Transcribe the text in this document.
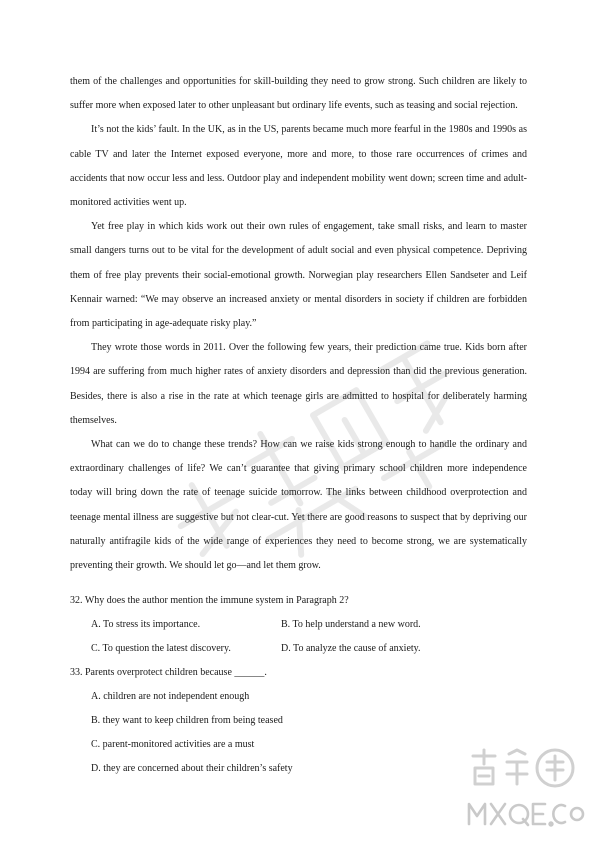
them of the challenges and opportunities for skill-building they need to grow strong. Such children are likely to suffer more when exposed later to other unpleasant but ordinary life events, such as teasing and social rejection.

It’s not the kids’ fault. In the UK, as in the US, parents became much more fearful in the 1980s and 1990s as cable TV and later the Internet exposed everyone, more and more, to those rare occurrences of crimes and accidents that now occur less and less. Outdoor play and independent mobility went down; screen time and adult-monitored activities went up.

Yet free play in which kids work out their own rules of engagement, take small risks, and learn to master small dangers turns out to be vital for the development of adult social and even physical competence. Depriving them of free play prevents their social-emotional growth. Norwegian play researchers Ellen Sandseter and Leif Kennair warned: “We may observe an increased anxiety or mental disorders in society if children are forbidden from participating in age-adequate risky play.”

They wrote those words in 2011. Over the following few years, their prediction came true. Kids born after 1994 are suffering from much higher rates of anxiety disorders and depression than did the previous generation. Besides, there is also a rise in the rate at which teenage girls are admitted to hospital for deliberately harming themselves.

What can we do to change these trends? How can we raise kids strong enough to handle the ordinary and extraordinary challenges of life? We can’t guarantee that giving primary school children more independence today will bring down the rate of teenage suicide tomorrow. The links between childhood overprotection and teenage mental illness are suggestive but not clear-cut. Yet there are good reasons to suspect that by depriving our naturally antifragile kids of the wide range of experiences they need to become strong, we are systematically preventing their growth. We should let go—and let them grow.

32. Why does the author mention the immune system in Paragraph 2?

A. To stress its importance.	B. To help understand a new word.
C. To question the latest discovery.	D. To analyze the cause of anxiety.

33. Parents overprotect children because ______.

A. children are not independent enough

B. they want to keep children from being teased

C. parent-monitored activities are a must

D. they are concerned about their children’s safety
